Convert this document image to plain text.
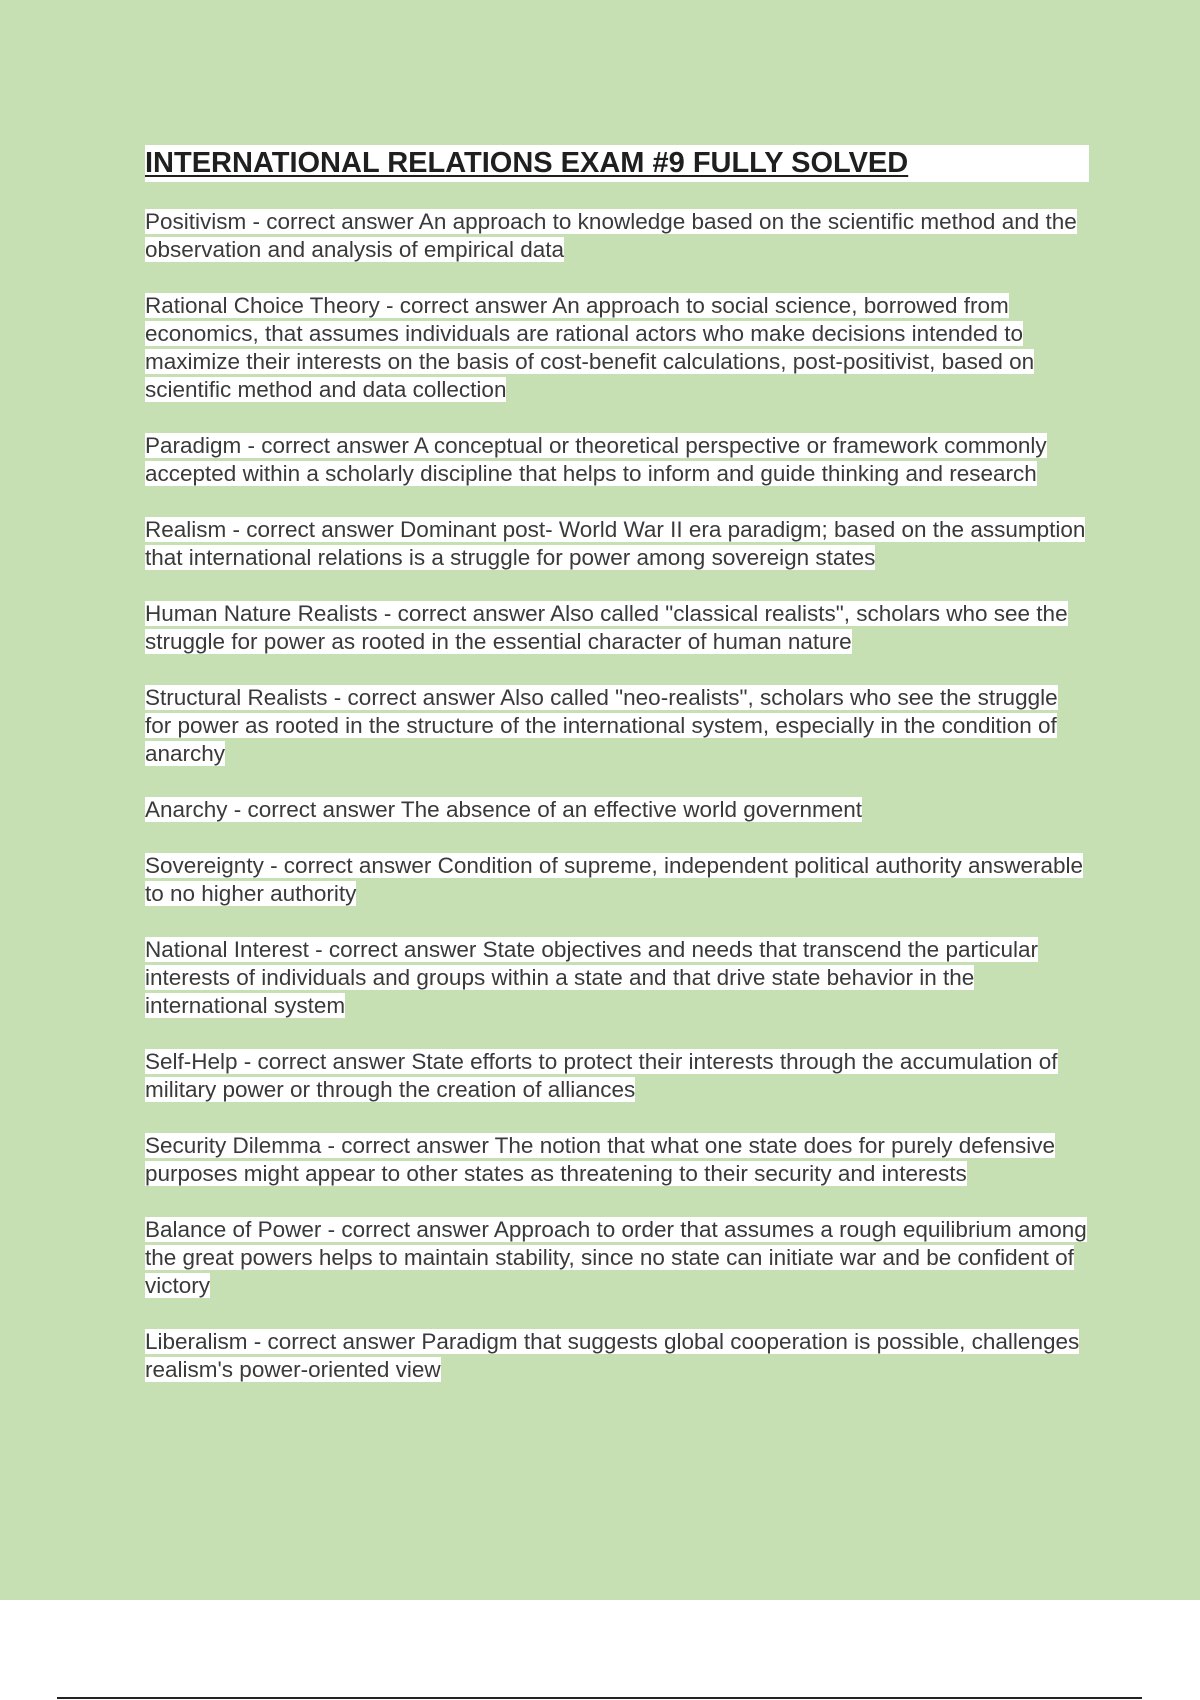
INTERNATIONAL RELATIONS EXAM #9 FULLY SOLVED
Positivism - correct answer An approach to knowledge based on the scientific method and the observation and analysis of empirical data
Rational Choice Theory - correct answer An approach to social science, borrowed from economics, that assumes individuals are rational actors who make decisions intended to maximize their interests on the basis of cost-benefit calculations, post-positivist, based on scientific method and data collection
Paradigm - correct answer A conceptual or theoretical perspective or framework commonly accepted within a scholarly discipline that helps to inform and guide thinking and research
Realism - correct answer Dominant post- World War II era paradigm; based on the assumption that international relations is a struggle for power among sovereign states
Human Nature Realists - correct answer Also called "classical realists", scholars who see the struggle for power as rooted in the essential character of human nature
Structural Realists - correct answer Also called "neo-realists", scholars who see the struggle for power as rooted in the structure of the international system, especially in the condition of anarchy
Anarchy - correct answer The absence of an effective world government
Sovereignty - correct answer Condition of supreme, independent political authority answerable to no higher authority
National Interest - correct answer State objectives and needs that transcend the particular interests of individuals and groups within a state and that drive state behavior in the international system
Self-Help - correct answer State efforts to protect their interests through the accumulation of military power or through the creation of alliances
Security Dilemma - correct answer The notion that what one state does for purely defensive purposes might appear to other states as threatening to their security and interests
Balance of Power - correct answer Approach to order that assumes a rough equilibrium among the great powers helps to maintain stability, since no state can initiate war and be confident of victory
Liberalism - correct answer Paradigm that suggests global cooperation is possible, challenges realism's power-oriented view
